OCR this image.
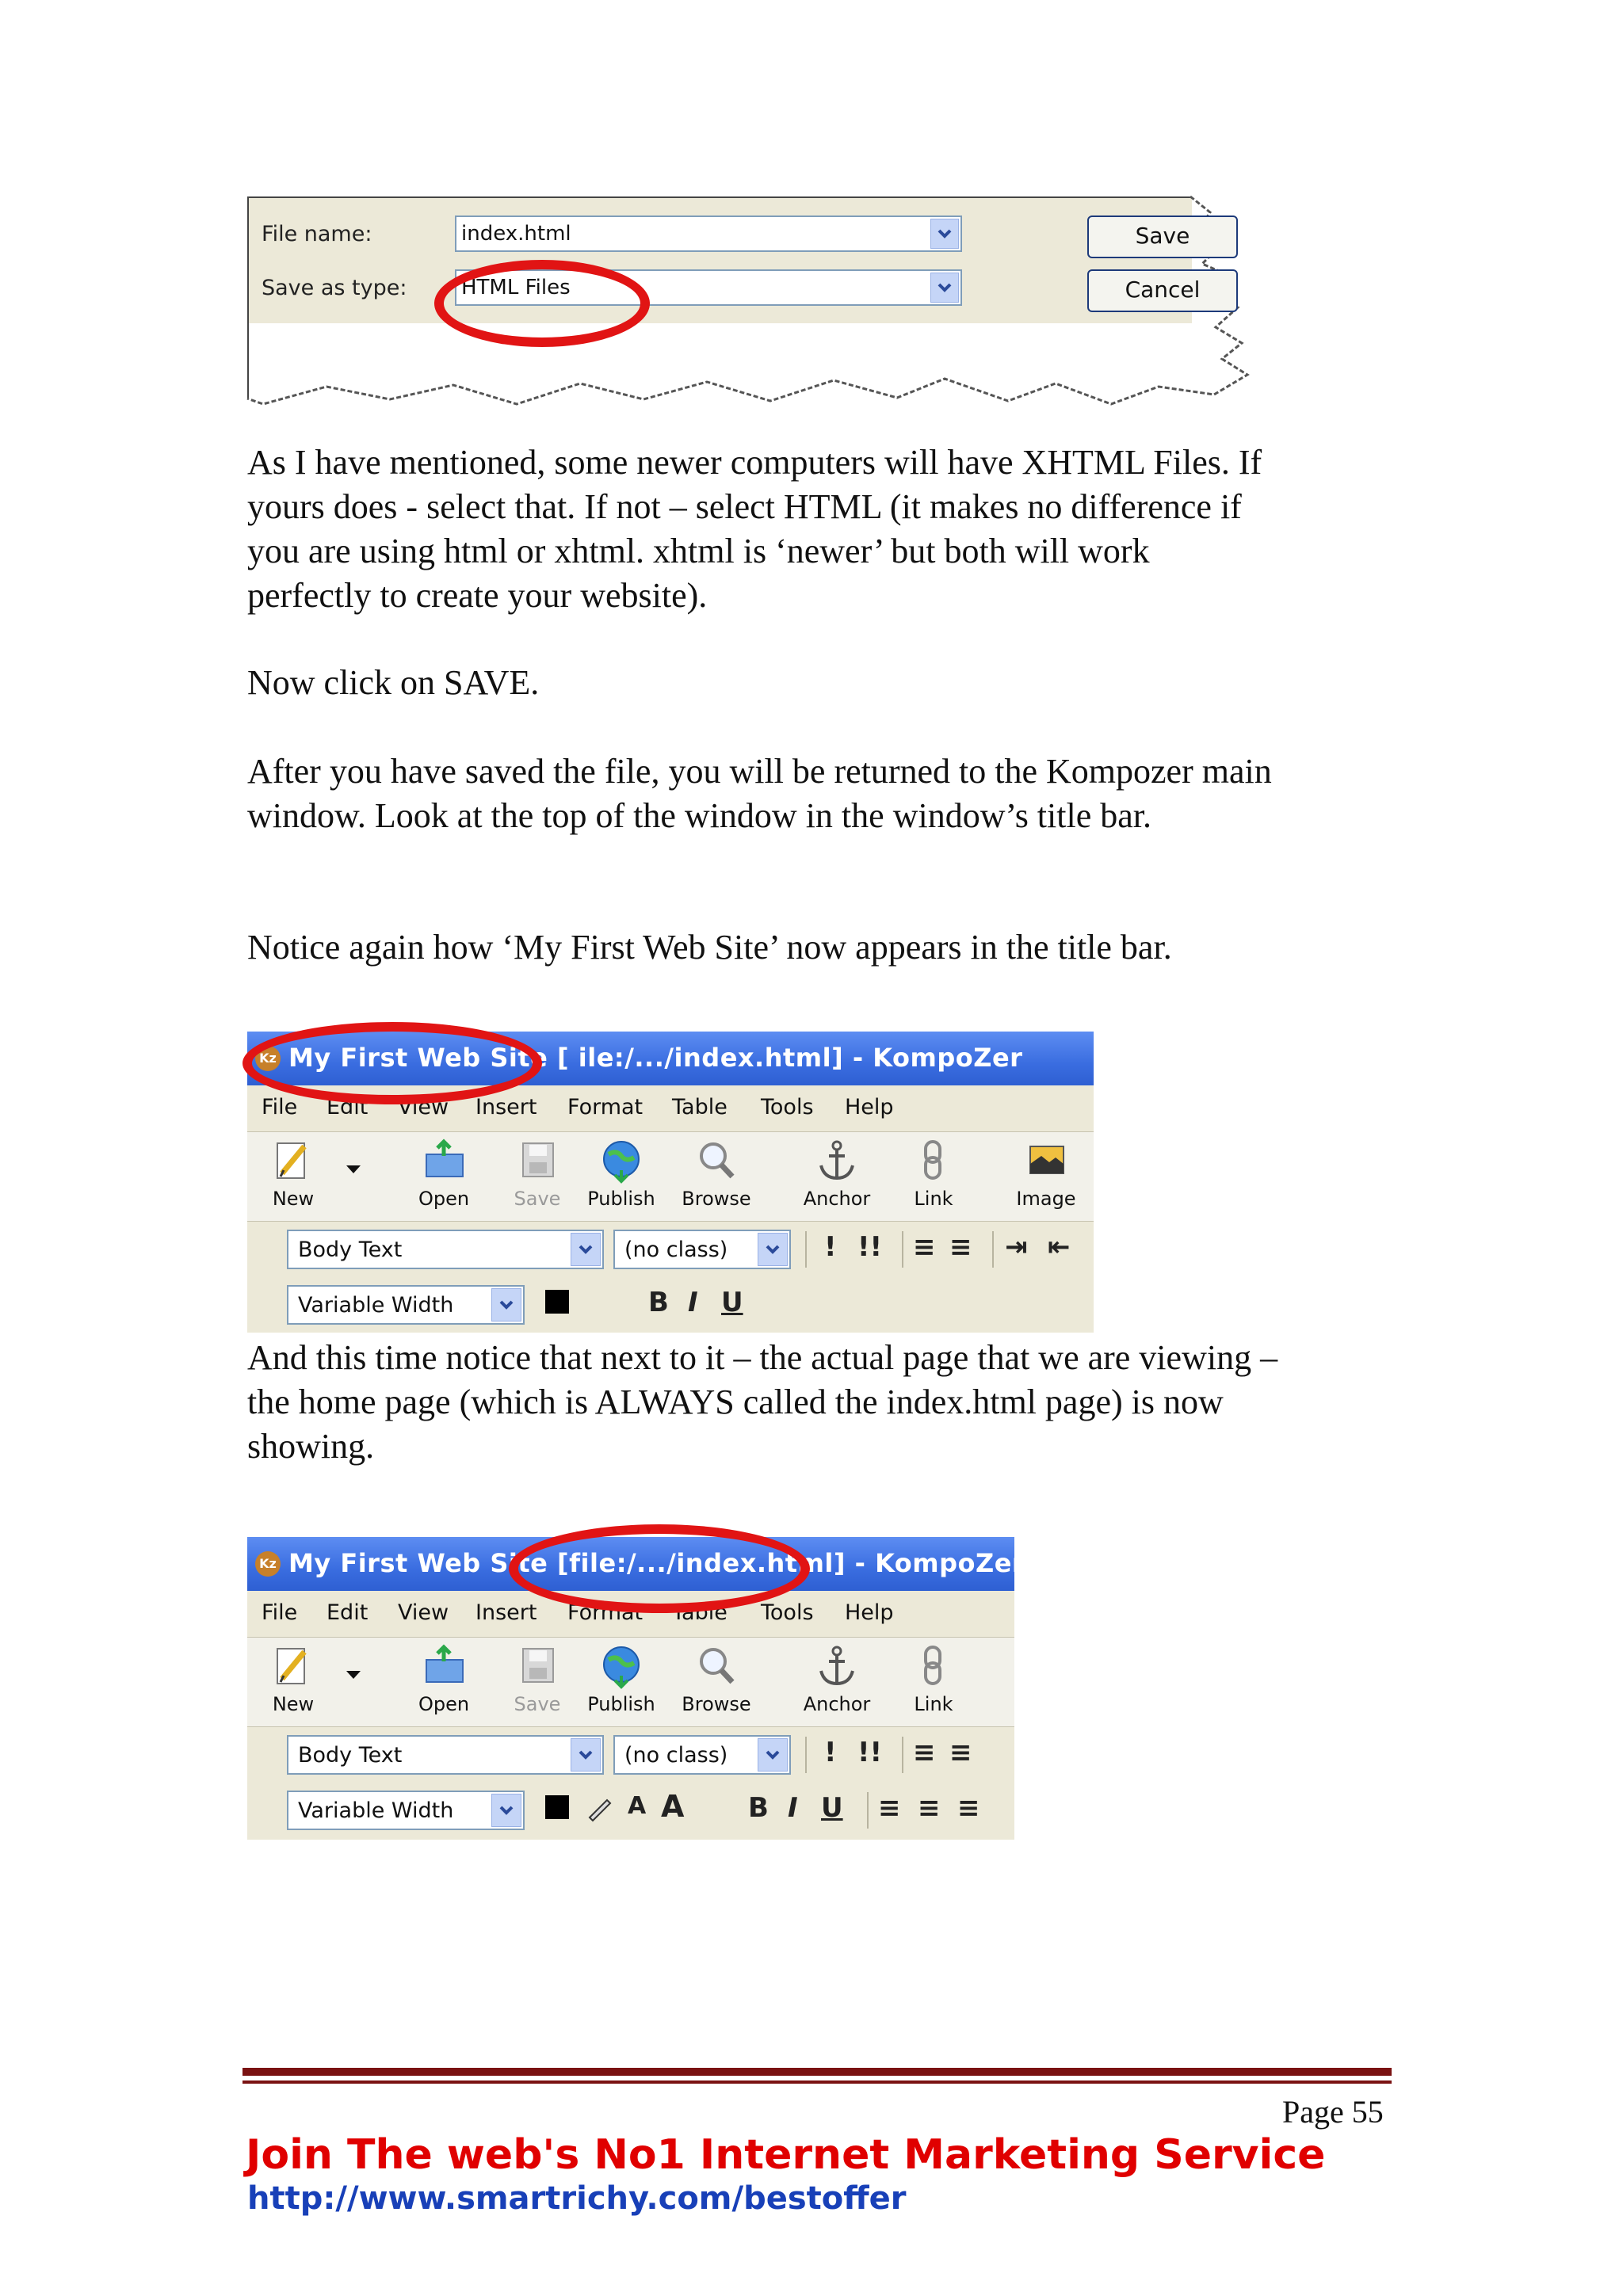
File name:	index.html
Save as type:	HTML Files
Save
Cancel

As I have mentioned, some newer computers will have XHTML Files. If
yours does - select that. If not – select HTML (it makes no difference if
you are using html or xhtml. xhtml is ‘newer’ but both will work
perfectly to create your website).

Now click on SAVE.

After you have saved the file, you will be returned to the Kompozer main
window. Look at the top of the window in the window’s title bar.

Notice again how ‘My First Web Site’ now appears in the title bar.

Kz My First Web Site [ ile:/.../index.html] - KompoZer
File Edit View Insert Format Table Tools Help
New	Open	Save	Publish Browse	Anchor	Link	Image
Body Text	(no class)	! !! ≡ ≡ ⇥ ⇤
Variable Width	B I U

And this time notice that next to it – the actual page that we are viewing –
the home page (which is ALWAYS called the index.html page) is now
showing.

Kz My First Web Site [file:/.../index.html] - KompoZer
File Edit View Insert Format Table Tools Help
New	Open	Save	Publish Browse	Anchor	Link
Body Text	(no class)	! !! ≡ ≡
Variable Width	A A B I U ≡ ≡ ≡
Page 55
Join The web's No1 Internet Marketing Service
http://www.smartrichy.com/bestoffer
